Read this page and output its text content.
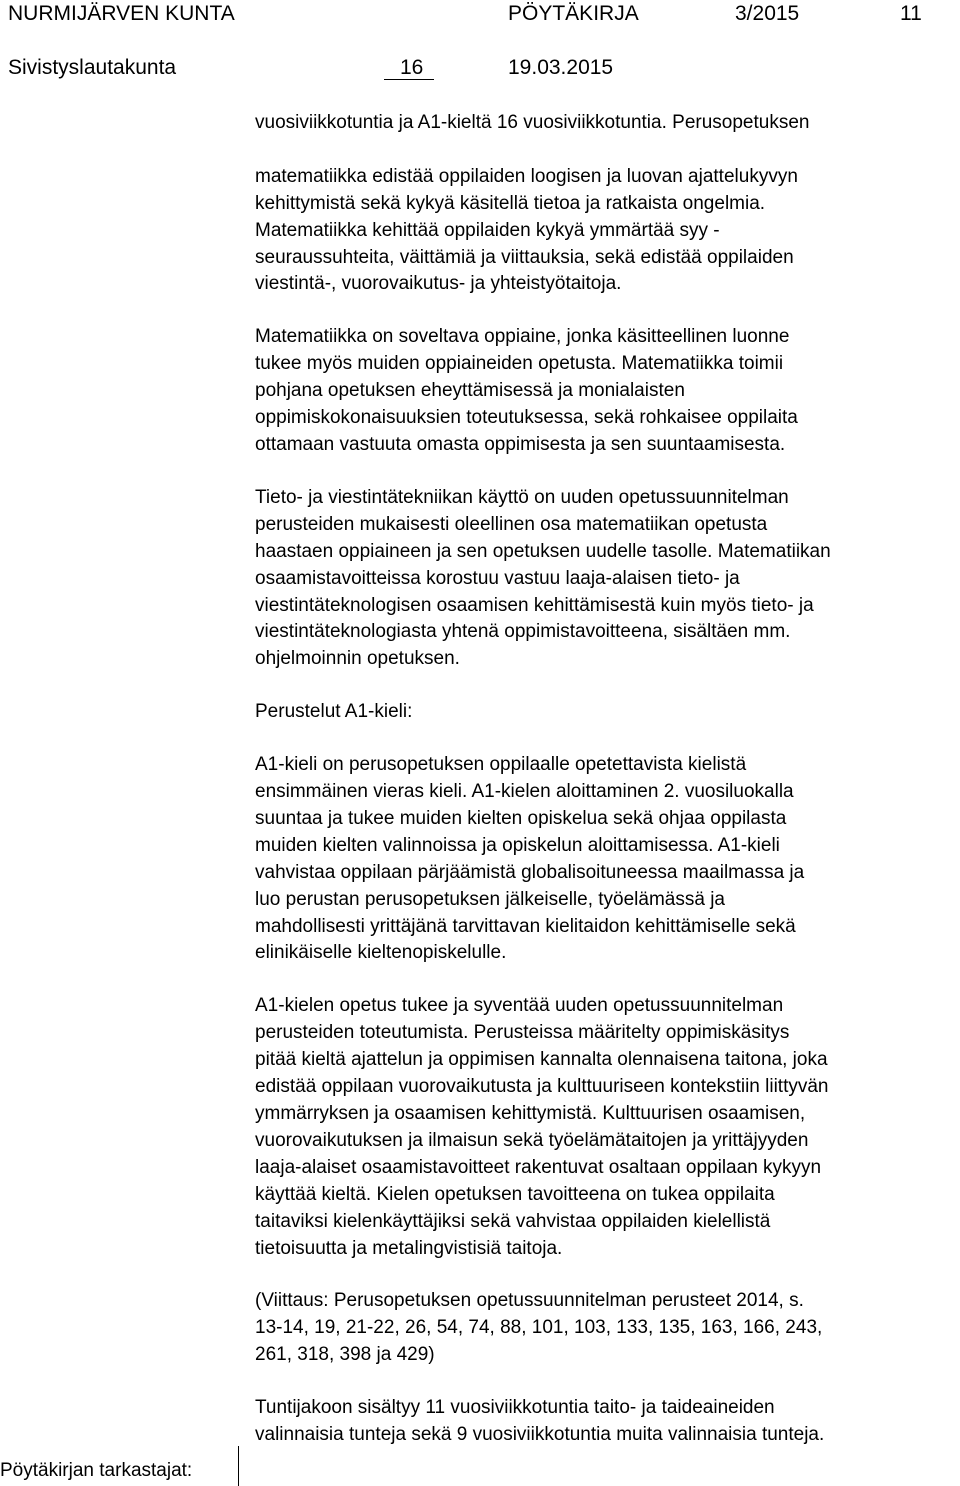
NURMIJÄRVEN KUNTA	PÖYTÄKIRJA	3/2015	11
Sivistyslautakunta	16	19.03.2015
vuosiviikkotuntia ja A1-kieltä 16 vuosiviikkotuntia. Perusopetuksen

matematiikka edistää oppilaiden loogisen ja luovan ajattelukyvyn
kehittymistä sekä kykyä käsitellä tietoa ja ratkaista ongelmia.
Matematiikka kehittää oppilaiden kykyä ymmärtää syy -
seuraussuhteita, väittämiä ja viittauksia, sekä edistää oppilaiden
viestintä-, vuorovaikutus- ja yhteistyötaitoja.
Matematiikka on soveltava oppiaine, jonka käsitteellinen luonne
tukee myös muiden oppiaineiden opetusta. Matematiikka toimii
pohjana opetuksen eheyttämisessä ja monialaisten
oppimiskokonaisuuksien toteutuksessa, sekä rohkaisee oppilaita
ottamaan vastuuta omasta oppimisesta ja sen suuntaamisesta.
Tieto- ja viestintätekniikan käyttö on uuden opetussuunnitelman
perusteiden mukaisesti oleellinen osa matematiikan opetusta
haastaen oppiaineen ja sen opetuksen uudelle tasolle. Matematiikan
osaamistavoitteissa korostuu vastuu laaja-alaisen tieto- ja
viestintäteknologisen osaamisen kehittämisestä kuin myös tieto- ja
viestintäteknologiasta yhtenä oppimistavoitteena, sisältäen mm.
ohjelmoinnin opetuksen.
Perustelut A1-kieli:
A1-kieli on perusopetuksen oppilaalle opetettavista kielistä
ensimmäinen vieras kieli. A1-kielen aloittaminen 2. vuosiluokalla
suuntaa ja tukee muiden kielten opiskelua sekä ohjaa oppilasta
muiden kielten valinnoissa ja opiskelun aloittamisessa. A1-kieli
vahvistaa oppilaan pärjäämistä globalisoituneessa maailmassa ja
luo perustan perusopetuksen jälkeiselle, työelämässä ja
mahdollisesti yrittäjänä tarvittavan kielitaidon kehittämiselle sekä
elinikäiselle kieltenopiskelulle.
A1-kielen opetus tukee ja syventää uuden opetussuunnitelman
perusteiden toteutumista. Perusteissa määritelty oppimiskäsitys
pitää kieltä ajattelun ja oppimisen kannalta olennaisena taitona, joka
edistää oppilaan vuorovaikutusta ja kulttuuriseen kontekstiin liittyvän
ymmärryksen ja osaamisen kehittymistä. Kulttuurisen osaamisen,
vuorovaikutuksen ja ilmaisun sekä työelämätaitojen ja yrittäjyyden
laaja-alaiset osaamistavoitteet rakentuvat osaltaan oppilaan kykyyn
käyttää kieltä. Kielen opetuksen tavoitteena on tukea oppilaita
taitaviksi kielenkäyttäjiksi sekä vahvistaa oppilaiden kielellistä
tietoisuutta ja metalingvistisiä taitoja.
(Viittaus: Perusopetuksen opetussuunnitelman perusteet 2014, s.
13-14, 19, 21-22, 26, 54, 74, 88, 101, 103, 133, 135, 163, 166, 243,
261, 318, 398 ja 429)
Tuntijakoon sisältyy 11 vuosiviikkotuntia taito- ja taideaineiden
valinnaisia tunteja sekä 9 vuosiviikkotuntia muita valinnaisia tunteja.
Pöytäkirjan tarkastajat:
